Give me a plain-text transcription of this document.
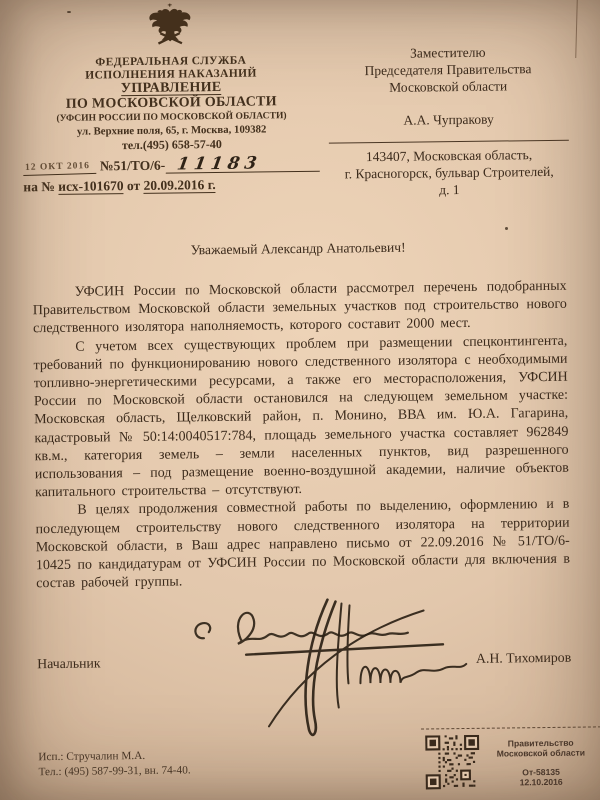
ФЕДЕРАЛЬНАЯ СЛУЖБА
ИСПОЛНЕНИЯ НАКАЗАНИЙ
УПРАВЛЕНИЕ
ПО МОСКОВСКОЙ ОБЛАСТИ
(УФСИН РОССИИ ПО МОСКОВСКОЙ ОБЛАСТИ)
ул. Верхние поля, 65, г. Москва, 109382
тел.(495) 658-57-40
12 ОКТ 2016 №51/ТО/6- 11183
на № исх-101670 от 20.09.2016 г.
Заместителю
Председателя Правительства
Московской области
А.А. Чупракову
143407, Московская область,
г. Красногорск, бульвар Строителей,
д. 1
Уважаемый Александр Анатольевич!

УФСИН России по Московской области рассмотрел перечень подобранных Правительством Московской области земельных участков под строительство нового следственного изолятора наполняемость, которого составит 2000 мест.

С учетом всех существующих проблем при размещении спецконтингента, требований по функционированию нового следственного изолятора с необходимыми топливно-энергетическими ресурсами, а также его месторасположения, УФСИН России по Московской области остановился на следующем земельном участке: Московская область, Щелковский район, п. Монино, ВВА им. Ю.А. Гагарина, кадастровый № 50:14:0040517:784, площадь земельного участка составляет 962849 кв.м., категория земель – земли населенных пунктов, вид разрешенного использования – под размещение военно-воздушной академии, наличие объектов капитального строительства – отсутствуют.

В целях продолжения совместной работы по выделению, оформлению и в последующем строительству нового следственного изолятора на территории Московской области, в Ваш адрес направлено письмо от 22.09.2016 № 51/ТО/6-10425 по кандидатурам от УФСИН России по Московской области для включения в состав рабочей группы.

Начальник	А.Н. Тихомиров
Исп.: Стручалин М.А.
Тел.: (495) 587-99-31, вн. 74-40.
Правительство
Московской области
От-58135
12.10.2016
